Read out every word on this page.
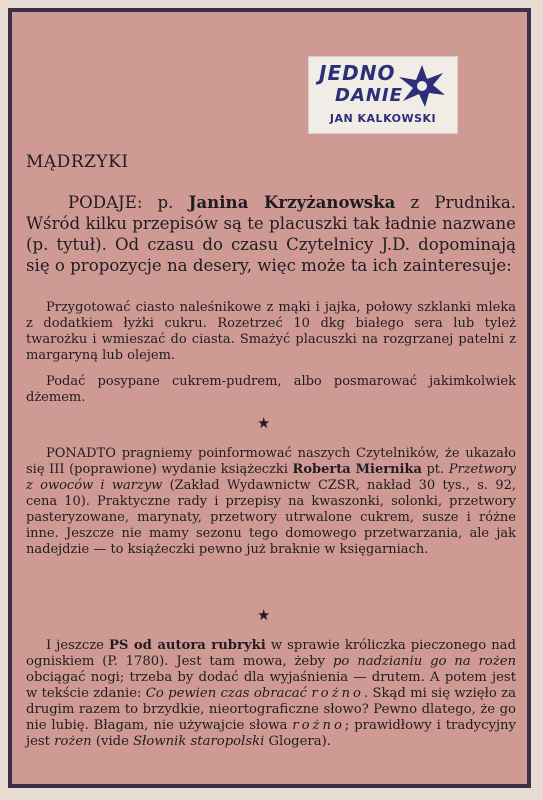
JEDNO
DANIE
JAN KALKOWSKI
MĄDRZYKI
PODAJE: p. Janina Krzyżanowska z Prudnika. Wśród kilku przepisów są te placuszki tak ładnie nazwane (p. tytuł). Od czasu do czasu Czytelnicy J.D. dopominają się o propozycje na desery, więc może ta ich zainteresuje:
Przygotować ciasto naleśnikowe z mąki i jajka, połowy szklanki mleka z dodatkiem łyżki cukru. Rozetrzeć 10 dkg białego sera lub tyleż twarożku i wmieszać do ciasta. Smażyć placuszki na rozgrzanej patelni z margaryną lub olejem.
Podać posypane cukrem-pudrem, albo posmarować jakimkolwiek dżemem.
★
PONADTO pragniemy poinformować naszych Czytelników, że ukazało się III (poprawione) wydanie książeczki Roberta Miernika pt. Przetwory z owoców i warzyw (Zakład Wydawnictw CZSR, nakład 30 tys., s. 92, cena 10). Praktyczne rady i przepisy na kwaszonki, solonki, przetwory pasteryzowane, marynaty, przetwory utrwalone cukrem, susze i różne inne. Jeszcze nie mamy sezonu tego domowego przetwarzania, ale jak nadejdzie — to książeczki pewno już braknie w księgarniach.
★
I jeszcze PS od autora rubryki w sprawie króliczka pieczonego nad ogniskiem (P. 1780). Jest tam mowa, żeby po nadzianiu go na rożen obciągać nogi; trzeba by dodać dla wyjaśnienia — drutem. A potem jest w tekście zdanie: Co pewien czas obracać rożno. Skąd mi się wzięło za drugim razem to brzydkie, nieortograficzne słowo? Pewno dlatego, że go nie lubię. Błagam, nie używajcie słowa rożno; prawidłowy i tradycyjny jest rożen (vide Słownik staropolski Glogera).
